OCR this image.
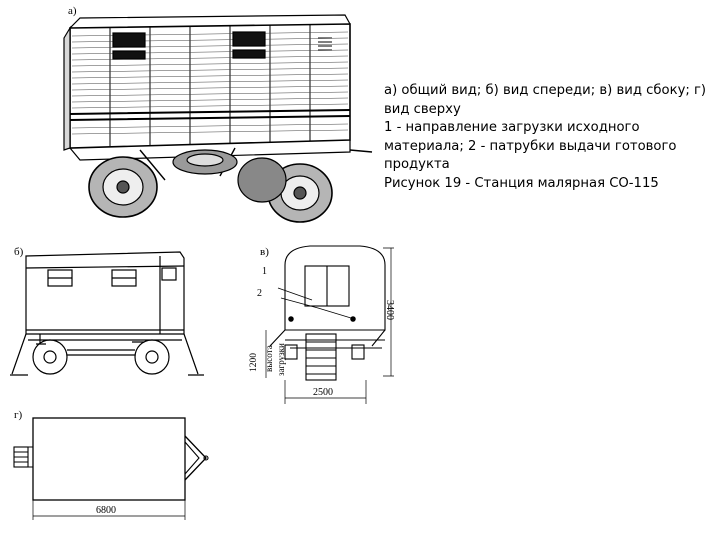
а) общий вид; б) вид спереди; в) вид сбоку; г) вид сверху

1 - направление загрузки исходного материала; 2 - патрубки выдачи готового продукта

Рисунок 19 - Станция малярная СО-115

а)
б)	в)
1
2
3400
1200 высота загрузки
2500
г)
6800
